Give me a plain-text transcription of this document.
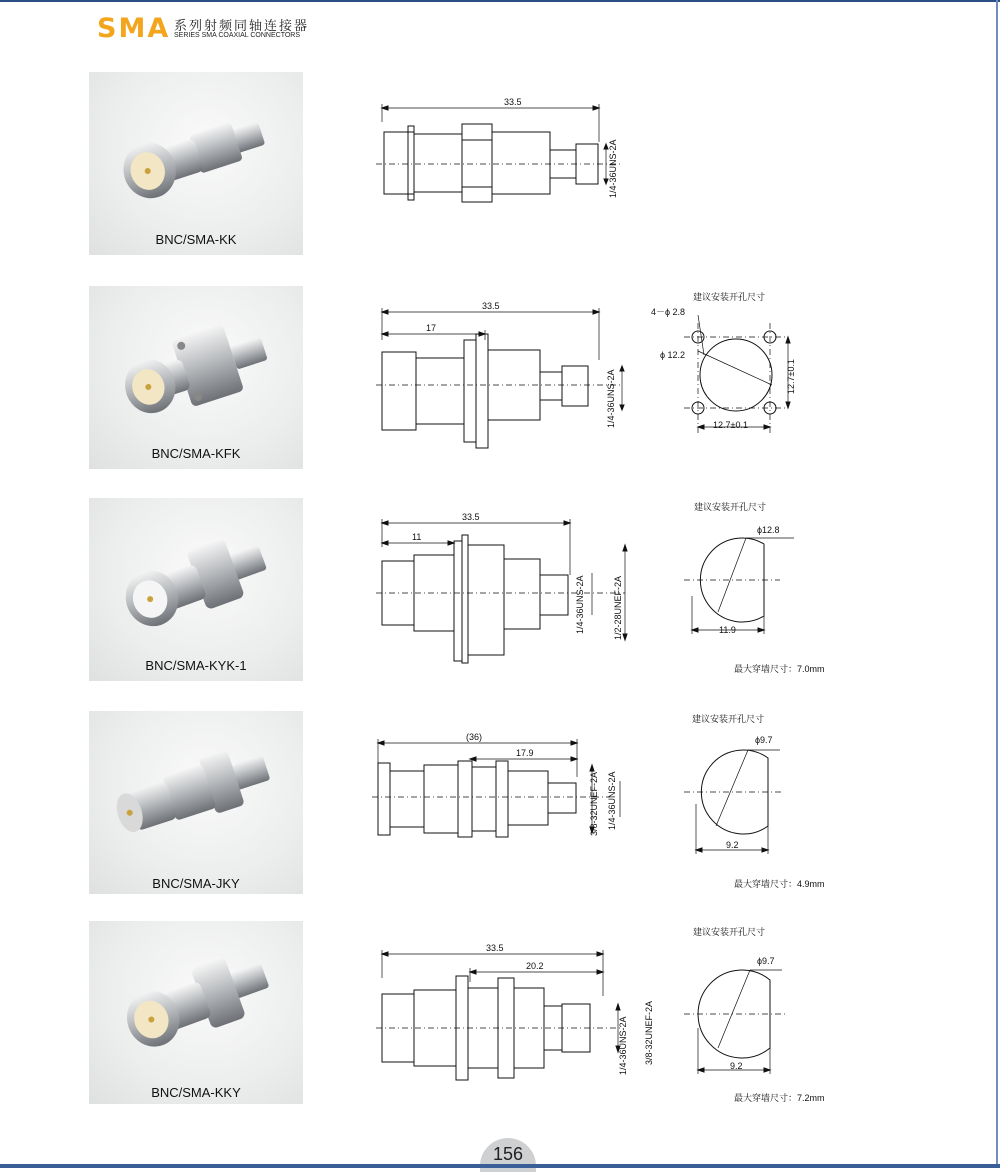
SMA 系列射频同轴连接器
SERIES SMA COAXIAL CONNECTORS
BNC/SMA-KK
33.5
1/4-36UNS-2A
BNC/SMA-KFK
33.5
17
1/4-36UNS-2A
建议安装开孔尺寸
4－ϕ 2.8
ϕ 12.2
12.7±0.1
12.7±0.1
BNC/SMA-KYK-1
33.5
11
1/4-36UNS-2A	1/2-28UNEF-2A
建议安装开孔尺寸
ϕ12.8
11.9
最大穿墙尺寸：7.0mm
BNC/SMA-JKY
(36)
17.9
3/8-32UNEF-2A 1/4-36UNS-2A
建议安装开孔尺寸
ϕ9.7
9.2
最大穿墙尺寸：4.9mm
BNC/SMA-KKY
33.5
20.2
1/4-36UNS-2A 3/8-32UNEF-2A
建议安装开孔尺寸
ϕ9.7
9.2
最大穿墙尺寸：7.2mm
156
